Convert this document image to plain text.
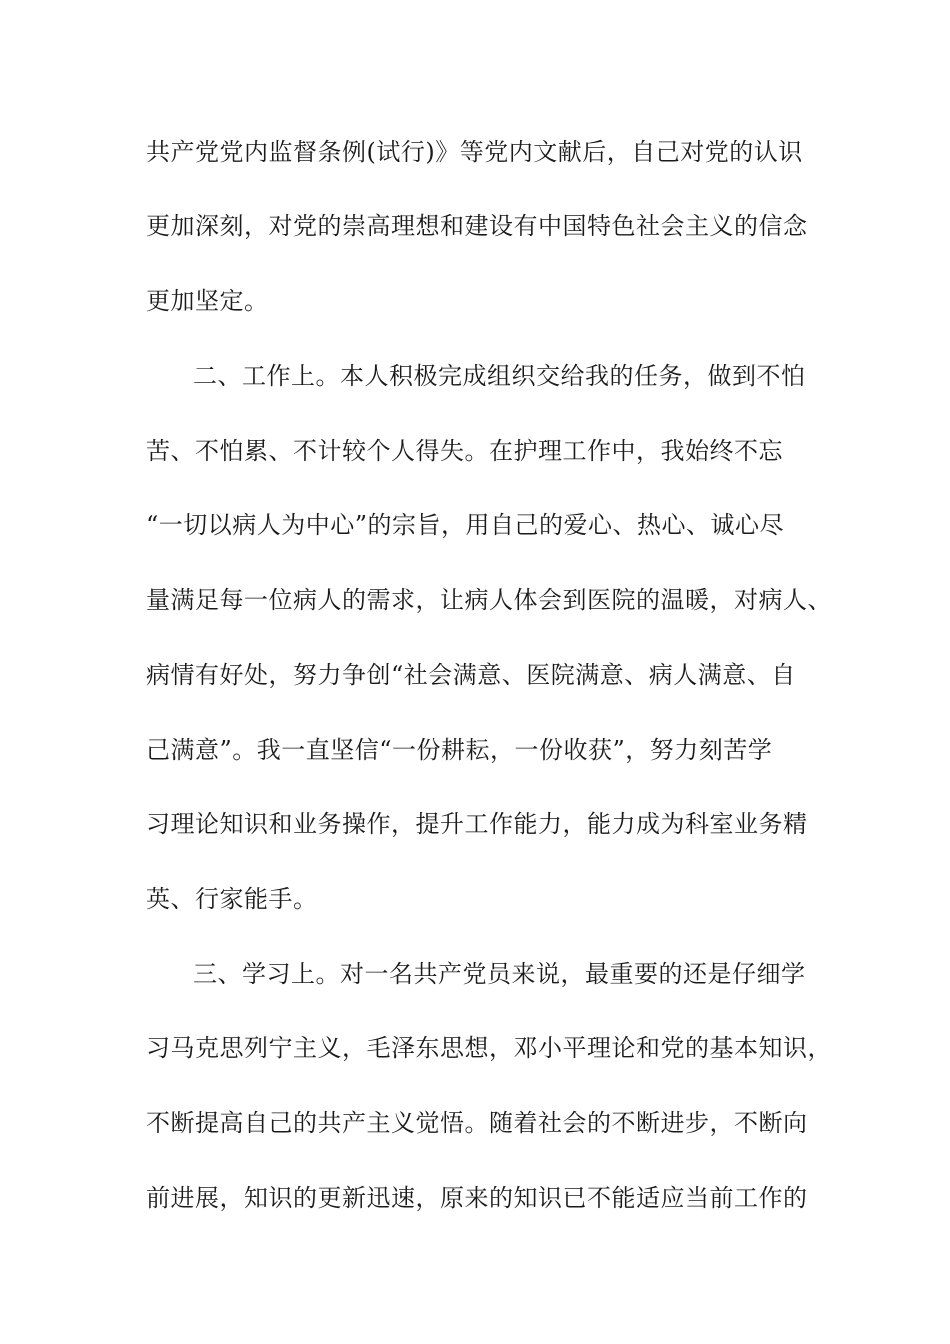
共产党党内监督条例(试行)》等党内文献后，自己对党的认识
更加深刻，对党的崇高理想和建设有中国特色社会主义的信念
更加坚定。
二、工作上。本人积极完成组织交给我的任务，做到不怕
苦、不怕累、不计较个人得失。在护理工作中，我始终不忘
“一切以病人为中心”的宗旨，用自己的爱心、热心、诚心尽
量满足每一位病人的需求，让病人体会到医院的温暖，对病人、
病情有好处，努力争创“社会满意、医院满意、病人满意、自
己满意”。我一直坚信“一份耕耘，一份收获”，努力刻苦学
习理论知识和业务操作，提升工作能力，能力成为科室业务精
英、行家能手。
三、学习上。对一名共产党员来说，最重要的还是仔细学
习马克思列宁主义，毛泽东思想，邓小平理论和党的基本知识，
不断提高自己的共产主义觉悟。随着社会的不断进步，不断向
前进展，知识的更新迅速，原来的知识已不能适应当前工作的
